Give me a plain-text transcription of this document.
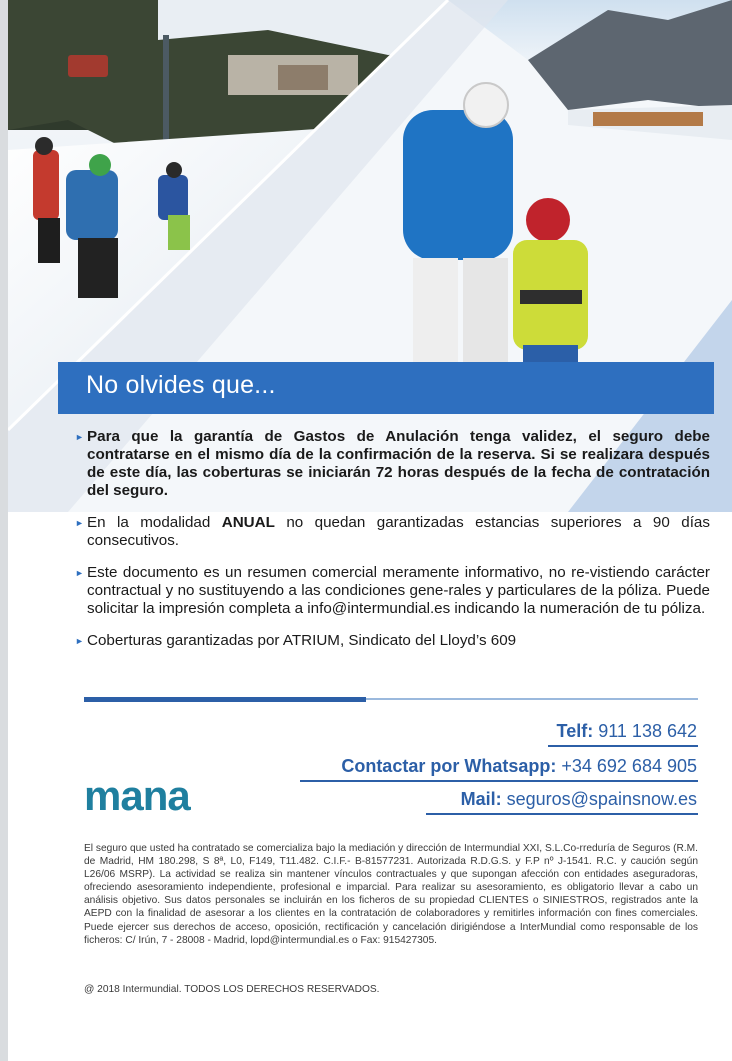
No olvides que...
► Para que la garantía de Gastos de Anulación tenga validez, el seguro debe contratarse en el mismo día de la confirmación de la reserva. Si se realizara después de este día, las coberturas se iniciarán 72 horas después de la fecha de contratación del seguro.
► En la modalidad ANUAL no quedan garantizadas estancias superiores a 90 días consecutivos.
► Este documento es un resumen comercial meramente informativo, no re-vistiendo carácter contractual y no sustituyendo a las condiciones gene-rales y particulares de la póliza. Puede solicitar la impresión completa a info@intermundial.es indicando la numeración de tu póliza.
► Coberturas garantizadas por ATRIUM, Sindicato del Lloyd’s 609
Telf: 911 138 642
Contactar por Whatsapp: +34 692 684 905
Mail: seguros@spainsnow.es
mana

El seguro que usted ha contratado se comercializa bajo la mediación y dirección de Intermundial XXI, S.L.Co-rreduría de Seguros (R.M. de Madrid, HM 180.298, S 8ª, L0, F149, T11.482. C.I.F.- B-81577231. Autorizada R.D.G.S. y F.P nº J-1541. R.C. y caución según L26/06 MSRP). La actividad se realiza sin mantener vínculos contractuales y que supongan afección con entidades aseguradoras, ofreciendo asesoramiento independiente, profesional e imparcial. Para realizar su asesoramiento, es obligatorio llevar a cabo un análisis objetivo. Sus datos personales se incluirán en los ficheros de su propiedad CLIENTES o SINIESTROS, registrados ante la AEPD con la finalidad de asesorar a los clientes en la contratación de colaboradores y remitirles información con fines comerciales. Puede ejercer sus derechos de acceso, oposición, rectificación y cancelación dirigiéndose a InterMundial como responsable de los ficheros: C/ Irún, 7 - 28008 - Madrid, lopd@intermundial.es o Fax: 915427305.

@ 2018 Intermundial. TODOS LOS DERECHOS RESERVADOS.
